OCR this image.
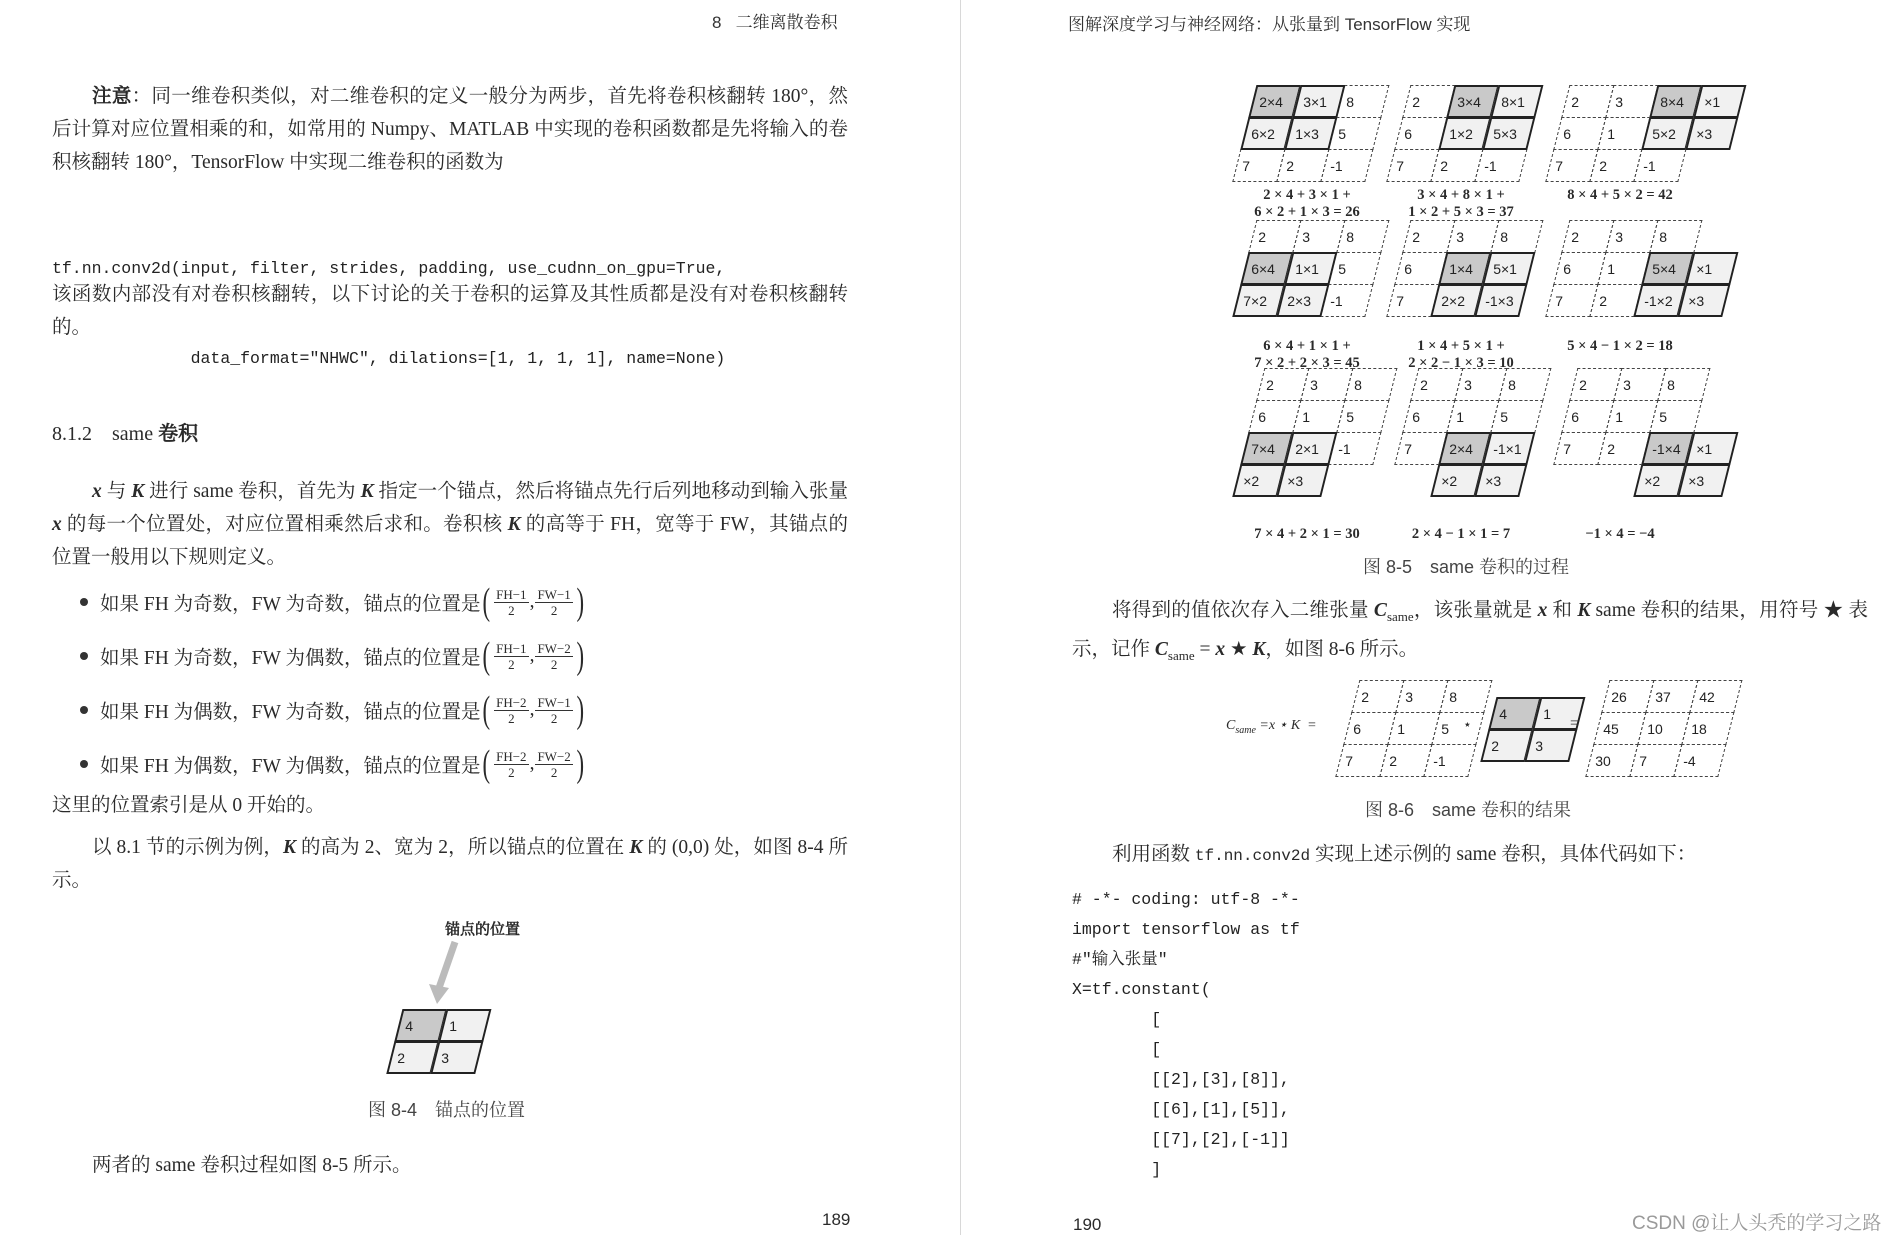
8 二维离散卷积
注意：同一维卷积类似，对二维卷积的定义一般分为两步，首先将卷积核翻转 180°，然后计算对应位置相乘的和，如常用的 Numpy、MATLAB 中实现的卷积函数都是先将输入的卷积核翻转 180°，TensorFlow 中实现二维卷积的函数为

tf.nn.conv2d(input, filter, strides, padding, use_cudnn_on_gpu=True,

data_format="NHWC", dilations=[1, 1, 1, 1], name=None)

该函数内部没有对卷积核翻转，以下讨论的关于卷积的运算及其性质都是没有对卷积核翻转的。
8.1.2 same 卷积
x 与 K 进行 same 卷积，首先为 K 指定一个锚点，然后将锚点先行后列地移动到输入张量 x 的每一个位置处，对应位置相乘然后求和。卷积核 K 的高等于 FH，宽等于 FW，其锚点的位置一般用以下规则定义。
如果 FH 为奇数，FW 为奇数，锚点的位置是 ( $\frac{FH-1}{2}$ , $\frac{FW-1}{2}$ )
如果 FH 为奇数，FW 为偶数，锚点的位置是 ( $\frac{FH-1}{2}$ , $\frac{FW-2}{2}$ )
如果 FH 为偶数，FW 为奇数，锚点的位置是 ( $\frac{FH-2}{2}$ , $\frac{FW-1}{2}$ )
如果 FH 为偶数，FW 为偶数，锚点的位置是 ( $\frac{FH-2}{2}$ , $\frac{FW-2}{2}$ )
这里的位置索引是从 0 开始的。
以 8.1 节的示例为例，K 的高为 2、宽为 2，所以锚点的位置在 K 的 (0,0) 处，如图 8-4 所示。
锚点的位置
4	1
2	3
图 8-4　锚点的位置
两者的 same 卷积过程如图 8-5 所示。
189
图解深度学习与神经网络：从张量到 TensorFlow 实现
2×4 3×1 8
6×2 1×3 5
7	2	-1
2 × 4 + 3 × 1 +
6 × 2 + 1 × 3 = 26
2	3×4 8×1
6	1×2 5×3
7	2	-1
3 × 4 + 8 × 1 +
1 × 2 + 5 × 3 = 37
2	3	8×4 ×1
6	1	5×2 ×3
7	2	-1
8 × 4 + 5 × 2 = 42
2	3	8
6×4 1×1 5
7×2 2×3 -1
6 × 4 + 1 × 1 +
7 × 2 + 2 × 3 = 45
2	3	8
6	1×4 5×1
7	2×2 -1×3
1 × 4 + 5 × 1 +
2 × 2 − 1 × 3 = 10
2	3	8
6	1	5×4 ×1
7	2	-1×2 ×3
5 × 4 − 1 × 2 = 18
2	3	8
6	1	5
7×4 2×1 -1
×2 ×3
7 × 4 + 2 × 1 = 30
2	3	8
6	1	5
7	2×4 -1×1
×2 ×3
2 × 4 − 1 × 1 = 7
2	3	8
6	1	5
7	2	-1×4 ×1
×2 ×3
−1 × 4 = −4
图 8-5　same 卷积的过程
将得到的值依次存入二维张量 $C_{same}$，该张量就是 x 和 K same 卷积的结果，用符号 ★ 表示，记作 $C_{same} = x$ ★ K，如图 8-6 所示。
$C_{same} =x$ ⋆ K  =
2	3	8
6	1	5
7	2	-1
⋆
4	1
2	3
=
26 37 42
45 10 18
30 7	-4
图 8-6　same 卷积的结果
利用函数 tf.nn.conv2d 实现上述示例的 same 卷积，具体代码如下：
# -*- coding: utf-8 -*-
import tensorflow as tf
#"输入张量"
X=tf.constant(
[
[
[[2],[3],[8]],
[[6],[1],[5]],
[[7],[2],[-1]]
]
190	CSDN @让人头秃的学习之路
